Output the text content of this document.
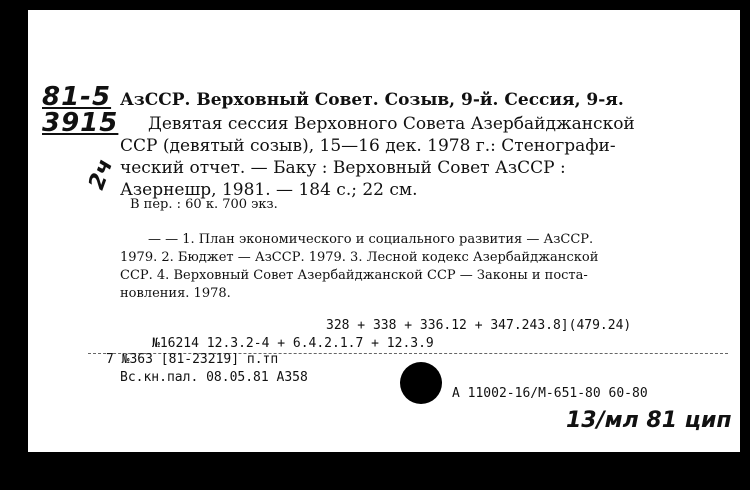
81-5
3915
2ч
АзССР. Верховный Совет. Созыв, 9-й. Сессия, 9-я.
Девятая сессия Верховного Совета Азербайджанской
ССР (девятый созыв), 15—16 дек. 1978 г.: Стенографи-
ческий отчет. — Баку : Верховный Совет АзССР :
Азернешр, 1981. — 184 с.; 22 см.
В пер. : 60 к. 700 экз.
— — 1. План экономического и социального развития — АзССР.
1979. 2. Бюджет — АзССР. 1979. 3. Лесной кодекс Азербайджанской
ССР. 4. Верховный Совет Азербайджанской ССР — Законы и поста-
новления. 1978.
328 + 338 + 336.12 + 347.243.8](479.24)
№16214 12.3.2-4 + 6.4.2.1.7 + 12.3.9
7 №363 [81-23219] п.тп
Вс.кн.пал. 08.05.81 А358
А 11002-16/М-651-80 60-80
13/мл 81 цип
